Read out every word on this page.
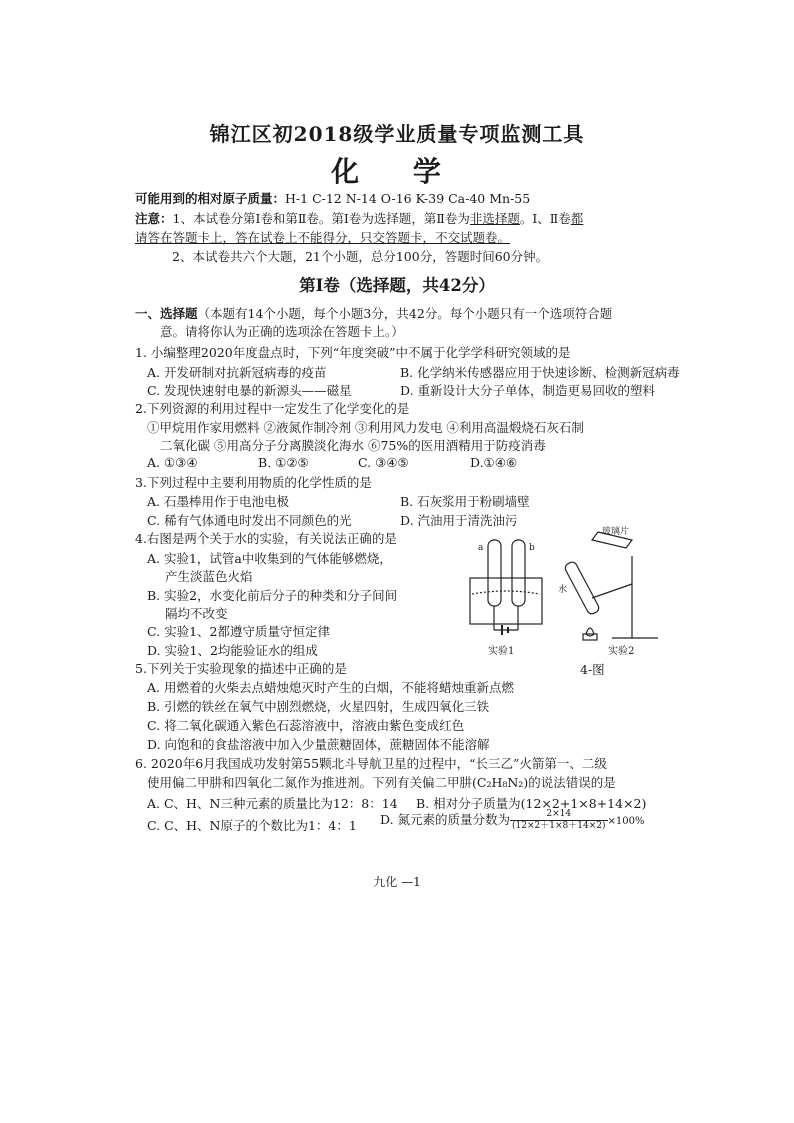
锦江区初2018级学业质量专项监测工具
化 学
可能用到的相对原子质量：H-1 C-12 N-14 O-16 K-39 Ca-40 Mn-55
注意：1、本试卷分第Ⅰ卷和第Ⅱ卷。第Ⅰ卷为选择题，第Ⅱ卷为非选择题。Ⅰ、Ⅱ卷都
请答在答题卡上，答在试卷上不能得分，只交答题卡，不交试题卷。
2、本试卷共六个大题，21个小题，总分100分，答题时间60分钟。
第Ⅰ卷（选择题，共42分）
一、选择题（本题有14个小题，每个小题3分，共42分。每个小题只有一个选项符合题
意。请将你认为正确的选项涂在答题卡上。）
1. 小编整理2020年度盘点时，下列“年度突破”中不属于化学学科研究领域的是
A. 开发研制对抗新冠病毒的疫苗	B. 化学纳米传感器应用于快速诊断、检测新冠病毒
C. 发现快速射电暴的新源头——磁星	D. 重新设计大分子单体，制造更易回收的塑料
2.下列资源的利用过程中一定发生了化学变化的是
①甲烷用作家用燃料 ②液氮作制冷剂 ③利用风力发电 ④利用高温煅烧石灰石制
二氧化碳 ⑤用高分子分离膜淡化海水 ⑥75%的医用酒精用于防疫消毒
A. ①③④	B. ①②⑤	C. ③④⑤	D.①④⑥
3.下列过程中主要利用物质的化学性质的是
A. 石墨棒用作于电池电极	B. 石灰浆用于粉刷墙壁
C. 稀有气体通电时发出不同颜色的光	D. 汽油用于清洗油污
4.右图是两个关于水的实验，有关说法正确的是
A. 实验1，试管a中收集到的气体能够燃烧，
产生淡蓝色火焰
B. 实验2，水变化前后分子的种类和分子间间
隔均不改变
C. 实验1、2都遵守质量守恒定律
D. 实验1、2均能验证水的组成
a	b
实验1
玻璃片
水
实验2
4-图
5.下列关于实验现象的描述中正确的是
A. 用燃着的火柴去点蜡烛熄灭时产生的白烟，不能将蜡烛重新点燃
B. 引燃的铁丝在氧气中剧烈燃烧，火星四射，生成四氧化三铁
C. 将二氧化碳通入紫色石蕊溶液中，溶液由紫色变成红色
D. 向饱和的食盐溶液中加入少量蔗糖固体，蔗糖固体不能溶解
6. 2020年6月我国成功发射第55颗北斗导航卫星的过程中，“长三乙”火箭第一、二级
使用偏二甲肼和四氧化二氮作为推进剂。下列有关偏二甲肼(C₂H₈N₂)的说法错误的是
A. C、H、N三种元素的质量比为12：8：14 B. 相对分子质量为(12×2+1×8+14×2)
C. C、H、N原子的个数比为1：4：1 D. 氮元素的质量分数为 $\frac{2\times 14}{(12\times 2+1\times 8+14\times 2)} \times 100\%$
九化 —1
